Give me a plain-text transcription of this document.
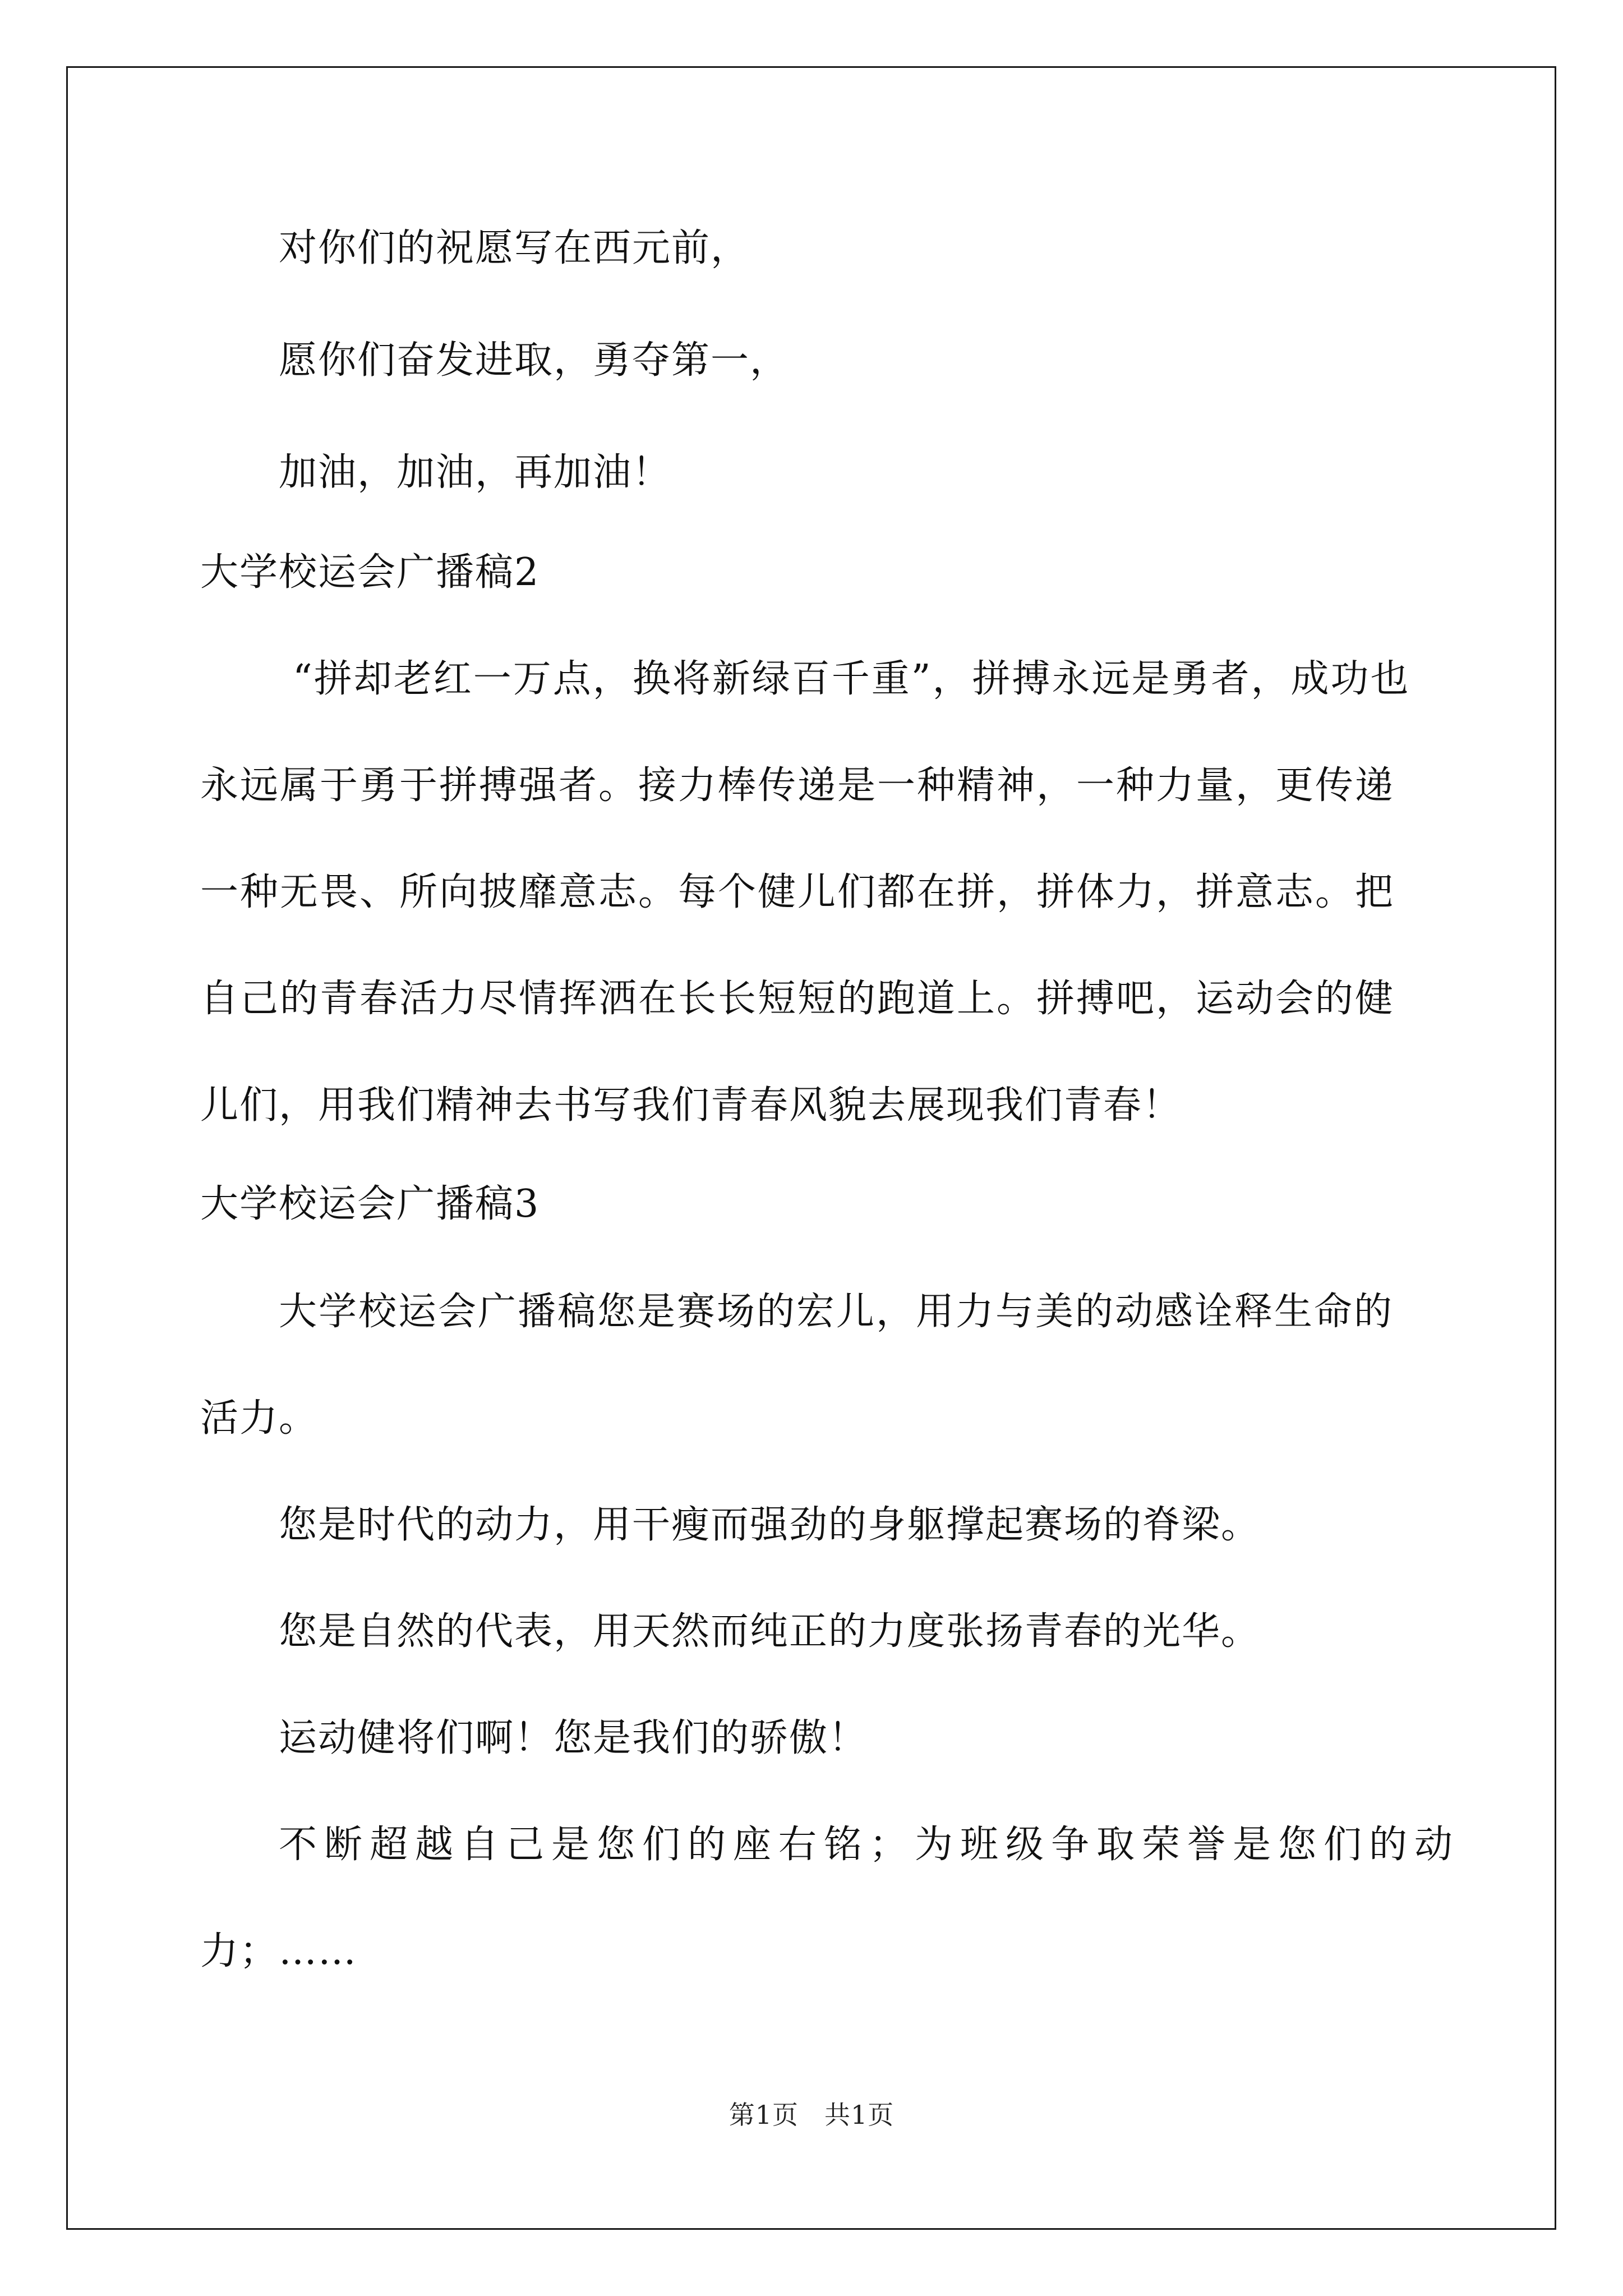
对你们的祝愿写在西元前，
愿你们奋发进取，勇夺第一，
加油，加油，再加油！
大学校运会广播稿2
“拼却老红一万点，换将新绿百千重”，拼搏永远是勇者，成功也
永远属于勇于拼搏强者。接力棒传递是一种精神，一种力量，更传递
一种无畏、所向披靡意志。每个健儿们都在拼，拼体力，拼意志。把
自己的青春活力尽情挥洒在长长短短的跑道上。拼搏吧，运动会的健
儿们，用我们精神去书写我们青春风貌去展现我们青春！
大学校运会广播稿3
大学校运会广播稿您是赛场的宏儿，用力与美的动感诠释生命的
活力。
您是时代的动力，用干瘦而强劲的身躯撑起赛场的脊梁。
您是自然的代表，用天然而纯正的力度张扬青春的光华。
运动健将们啊！您是我们的骄傲！
不断超越自己是您们的座右铭；为班级争取荣誉是您们的动
力；……
第1页 共1页
